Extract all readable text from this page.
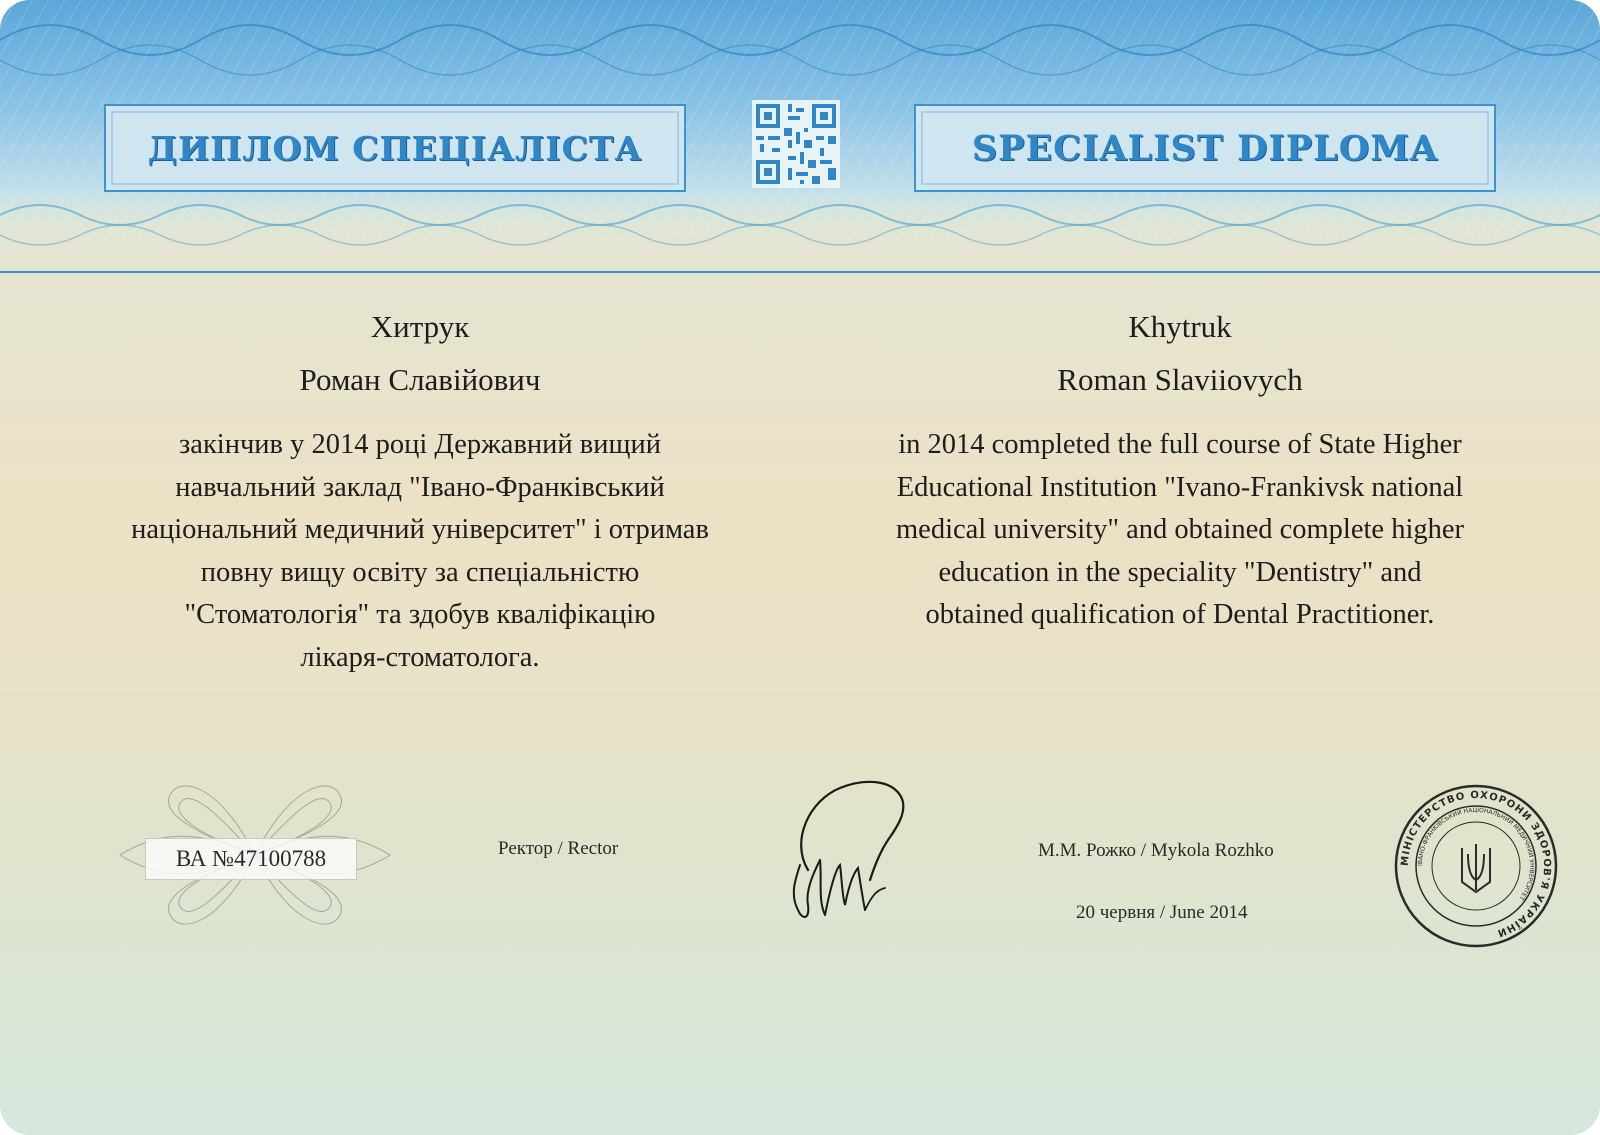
ДИПЛОМ СПЕЦІАЛІСТА	SPECIALIST DIPLOMA
Хитрук
Роман Славійович
закінчив у 2014 році Державний вищий
навчальний заклад "Івано-Франківський
національний медичний університет" і отримав
повну вищу освіту за спеціальністю
"Стоматологія" та здобув кваліфікацію
лікаря-стоматолога.
Khytruk
Roman Slaviiovych
in 2014 completed the full course of State Higher
Educational Institution "Ivano-Frankivsk national
medical university" and obtained complete higher
education in the speciality "Dentistry" and
obtained qualification of Dental Practitioner.
ВА №47100788	Ректор / Rector	М.М. Рожко / Mykola Rozhko
20 червня / June 2014
МІНІСТЕРСТВО ОХОРОНИ ЗДОРОВ'Я УКРАЇНИ
ІВАНО-ФРАНКІВСЬКИЙ НАЦІОНАЛЬНИЙ МЕДИЧНИЙ УНІВЕРСИТЕТ
